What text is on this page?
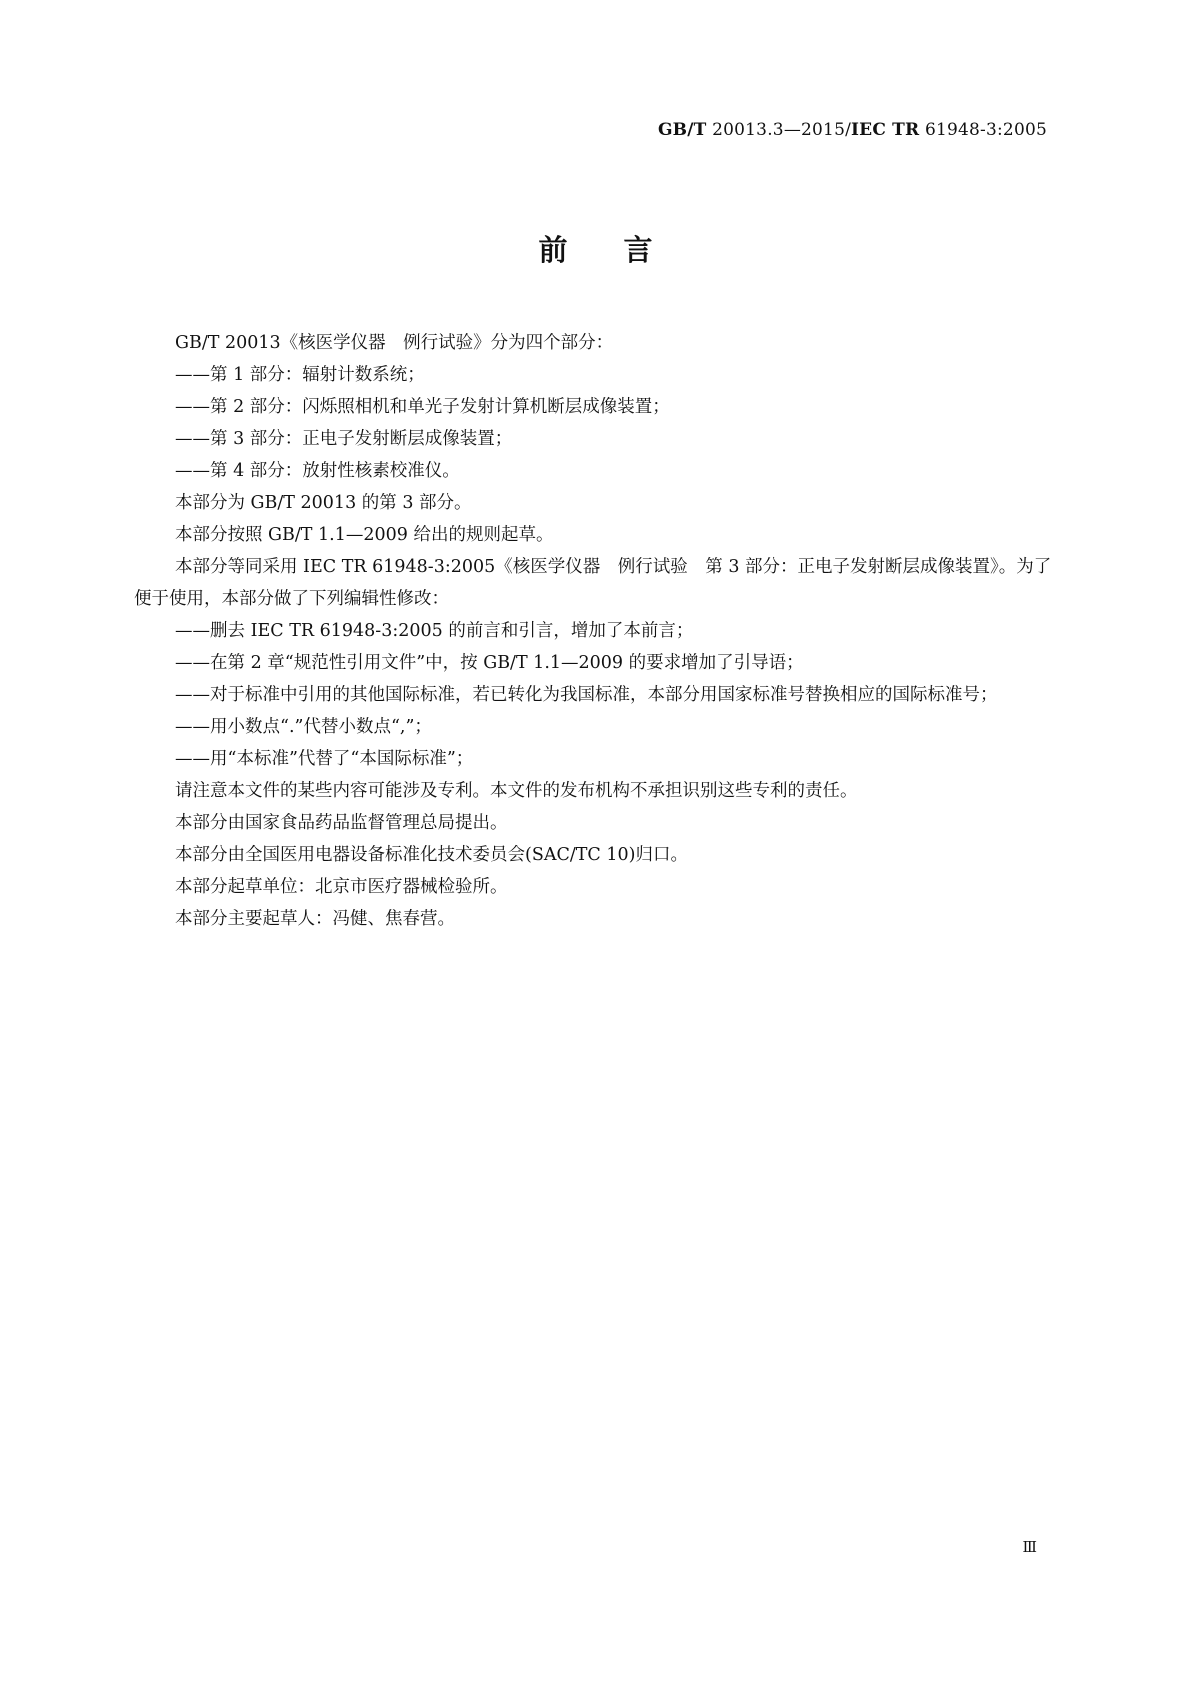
GB/T 20013.3—2015/IEC TR 61948-3:2005
前言

GB/T 20013《核医学仪器　例行试验》分为四个部分：

——第 1 部分：辐射计数系统；

——第 2 部分：闪烁照相机和单光子发射计算机断层成像装置；

——第 3 部分：正电子发射断层成像装置；

——第 4 部分：放射性核素校准仪。

本部分为 GB/T 20013 的第 3 部分。

本部分按照 GB/T 1.1—2009 给出的规则起草。

本部分等同采用 IEC TR 61948-3:2005《核医学仪器　例行试验　第 3 部分：正电子发射断层成像装置》。为了便于使用，本部分做了下列编辑性修改：

——删去 IEC TR 61948-3:2005 的前言和引言，增加了本前言；

——在第 2 章“规范性引用文件”中，按 GB/T 1.1—2009 的要求增加了引导语；

——对于标准中引用的其他国际标准，若已转化为我国标准，本部分用国家标准号替换相应的国际标准号；

——用小数点“.”代替小数点“,”；

——用“本标准”代替了“本国际标准”；

请注意本文件的某些内容可能涉及专利。本文件的发布机构不承担识别这些专利的责任。

本部分由国家食品药品监督管理总局提出。

本部分由全国医用电器设备标准化技术委员会(SAC/TC 10)归口。

本部分起草单位：北京市医疗器械检验所。

本部分主要起草人：冯健、焦春营。

Ⅲ
